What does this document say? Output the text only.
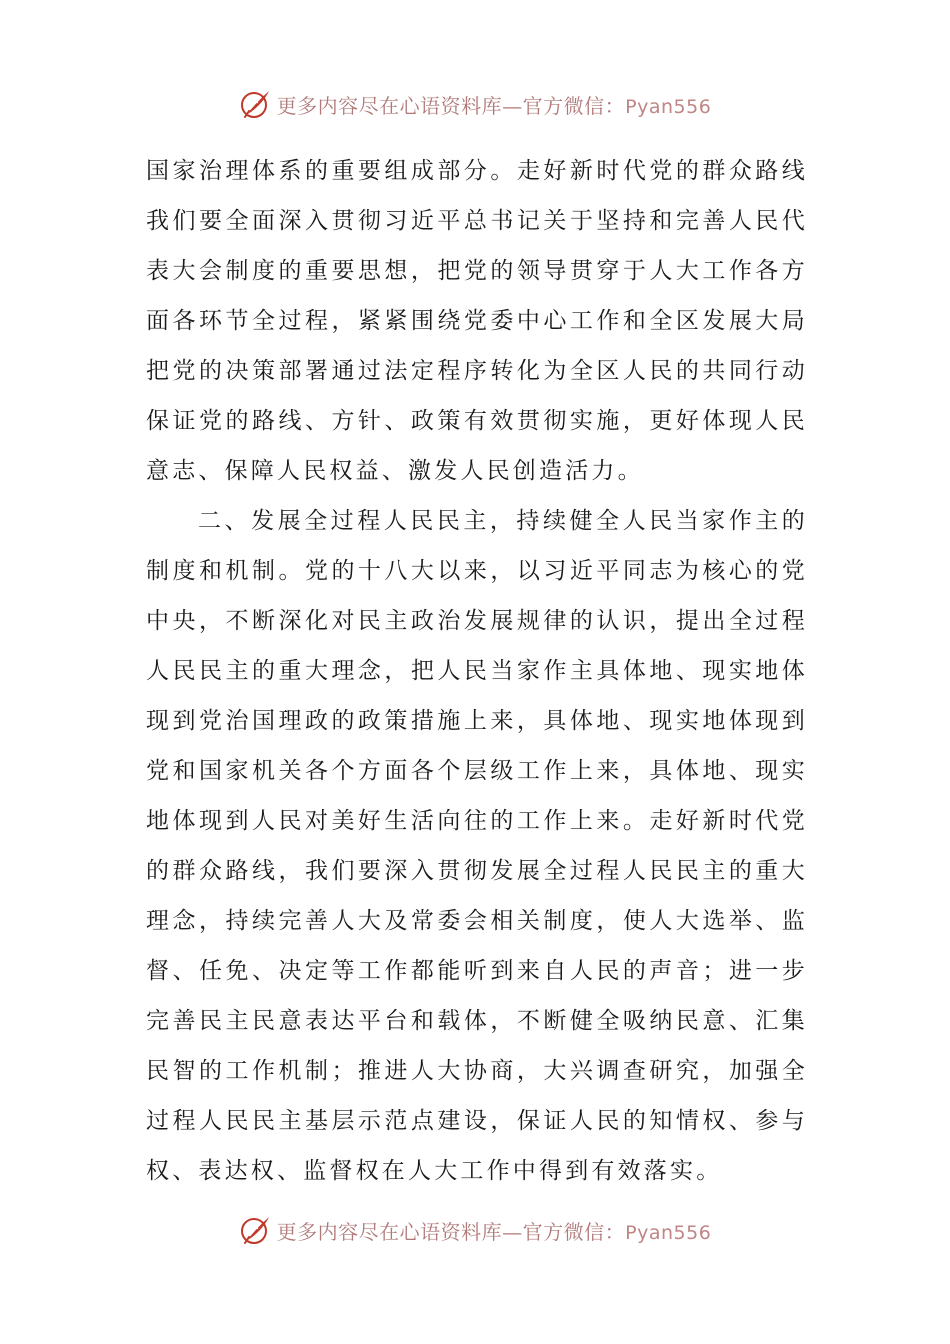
更多内容尽在心语资料库—官方微信：Pyan556
国家治理体系的重要组成部分。走好新时代党的群众路线
我们要全面深入贯彻习近平总书记关于坚持和完善人民代
表大会制度的重要思想，把党的领导贯穿于人大工作各方
面各环节全过程，紧紧围绕党委中心工作和全区发展大局
把党的决策部署通过法定程序转化为全区人民的共同行动
保证党的路线、方针、政策有效贯彻实施，更好体现人民
意志、保障人民权益、激发人民创造活力。
二、发展全过程人民民主，持续健全人民当家作主的
制度和机制。党的十八大以来，以习近平同志为核心的党
中央，不断深化对民主政治发展规律的认识，提出全过程
人民民主的重大理念，把人民当家作主具体地、现实地体
现到党治国理政的政策措施上来，具体地、现实地体现到
党和国家机关各个方面各个层级工作上来，具体地、现实
地体现到人民对美好生活向往的工作上来。走好新时代党
的群众路线，我们要深入贯彻发展全过程人民民主的重大
理念，持续完善人大及常委会相关制度，使人大选举、监
督、任免、决定等工作都能听到来自人民的声音；进一步
完善民主民意表达平台和载体，不断健全吸纳民意、汇集
民智的工作机制；推进人大协商，大兴调查研究，加强全
过程人民民主基层示范点建设，保证人民的知情权、参与
权、表达权、监督权在人大工作中得到有效落实。
更多内容尽在心语资料库—官方微信：Pyan556
